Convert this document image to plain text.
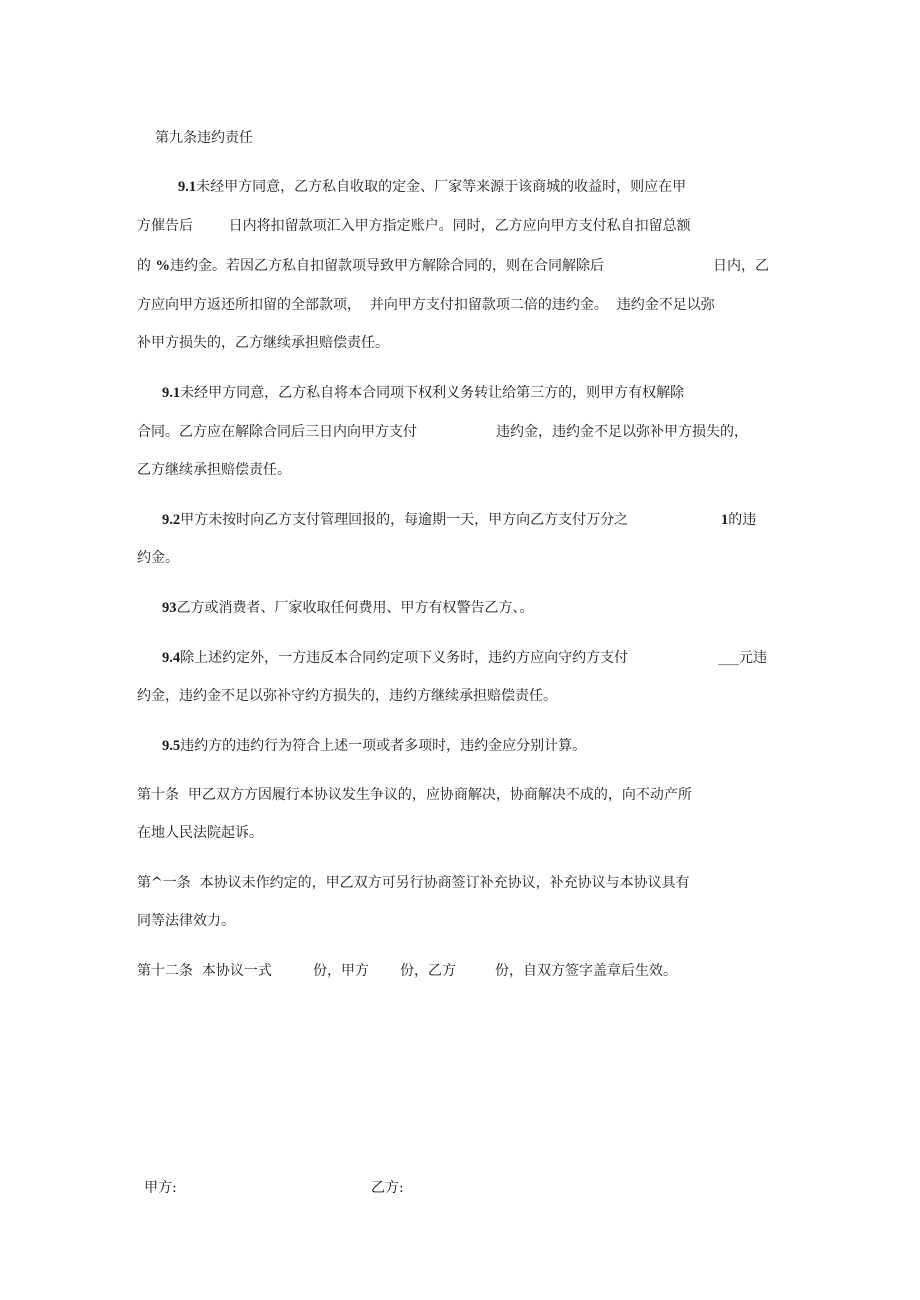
第九条违约责任
9.1未经甲方同意，乙方私自收取的定金、厂家等来源于该商城的收益时，则应在甲
方催告后        日内将扣留款项汇入甲方指定账户。同时，乙方应向甲方支付私自扣留总额
的 %违约金。若因乙方私自扣留款项导致甲方解除合同的，则在合同解除后	日内，乙
方应向甲方返还所扣留的全部款项，  并向甲方支付扣留款项二倍的违约金。  违约金不足以弥
补甲方损失的，乙方继续承担赔偿责任。
9.1未经甲方同意，乙方私自将本合同项下权利义务转让给第三方的，则甲方有权解除
合同。乙方应在解除合同后三日内向甲方支付	违约金，违约金不足以弥补甲方损失的，
乙方继续承担赔偿责任。
9.2甲方未按时向乙方支付管理回报的，每逾期一天，甲方向乙方支付万分之	1的违
约金。
93乙方或消费者、厂家收取任何费用、甲方有权警告乙方、。
9.4除上述约定外，一方违反本合同约定项下义务时，违约方应向守约方支付	___元违
约金，违约金不足以弥补守约方损失的，违约方继续承担赔偿责任。
9.5违约方的违约行为符合上述一项或者多项时，违约金应分别计算。
第十条  甲乙双方方因履行本协议发生争议的，应协商解决，协商解决不成的，向不动产所
在地人民法院起诉。
第^一条  本协议未作约定的，甲乙双方可另行协商签订补充协议，补充协议与本协议具有
同等法律效力。
第十二条  本协议一式	份，甲方 份，乙方	份，自双方签字盖章后生效。
甲方:	乙方:
